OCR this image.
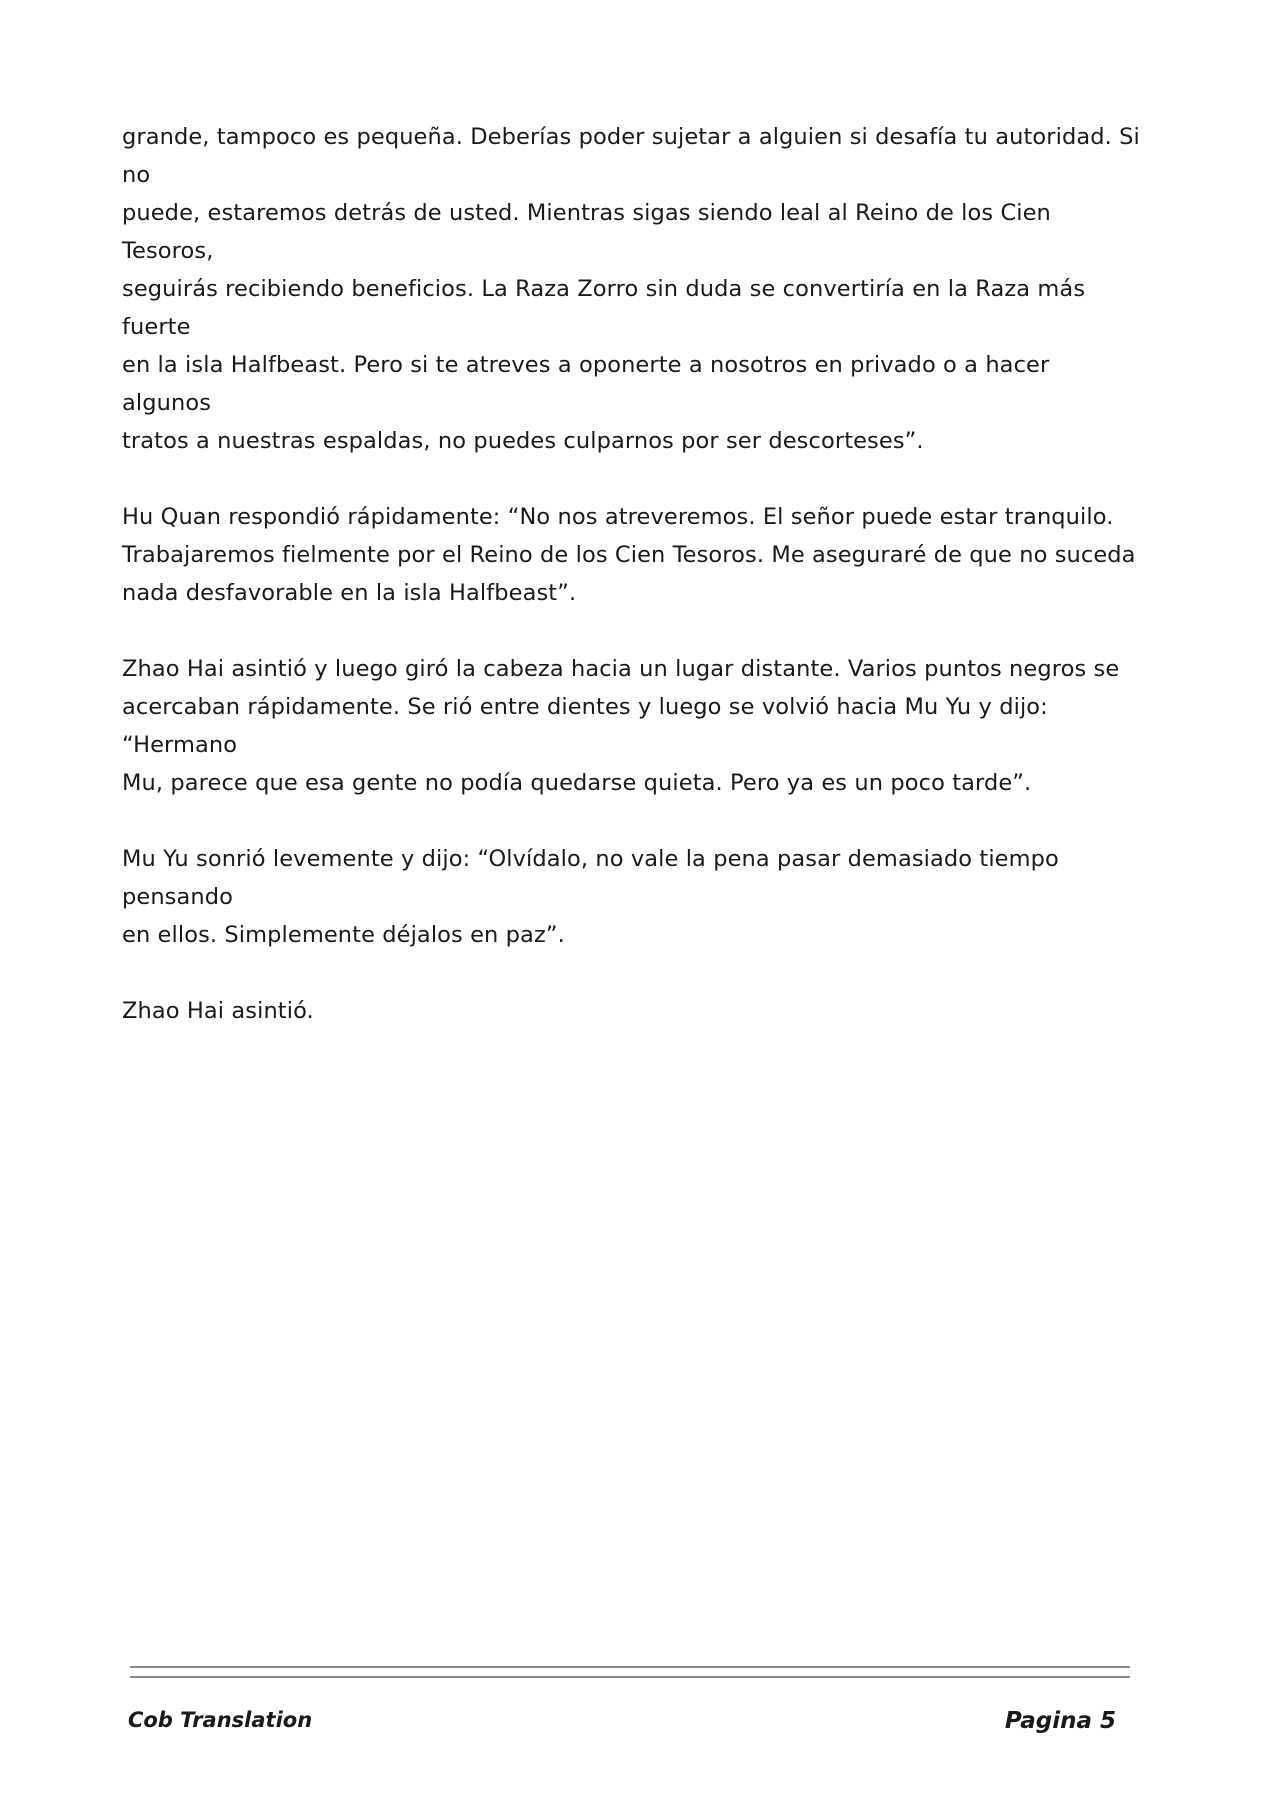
grande, tampoco es pequeña. Deberías poder sujetar a alguien si desafía tu autoridad. Si no
puede, estaremos detrás de usted. Mientras sigas siendo leal al Reino de los Cien Tesoros,
seguirás recibiendo beneficios. La Raza Zorro sin duda se convertiría en la Raza más fuerte
en la isla Halfbeast. Pero si te atreves a oponerte a nosotros en privado o a hacer algunos
tratos a nuestras espaldas, no puedes culparnos por ser descorteses”.

Hu Quan respondió rápidamente: “No nos atreveremos. El señor puede estar tranquilo.
Trabajaremos fielmente por el Reino de los Cien Tesoros. Me aseguraré de que no suceda
nada desfavorable en la isla Halfbeast”.

Zhao Hai asintió y luego giró la cabeza hacia un lugar distante. Varios puntos negros se
acercaban rápidamente. Se rió entre dientes y luego se volvió hacia Mu Yu y dijo: “Hermano
Mu, parece que esa gente no podía quedarse quieta. Pero ya es un poco tarde”.

Mu Yu sonrió levemente y dijo: “Olvídalo, no vale la pena pasar demasiado tiempo pensando
en ellos. Simplemente déjalos en paz”.

Zhao Hai asintió.

Cob Translation	Pagina 5
